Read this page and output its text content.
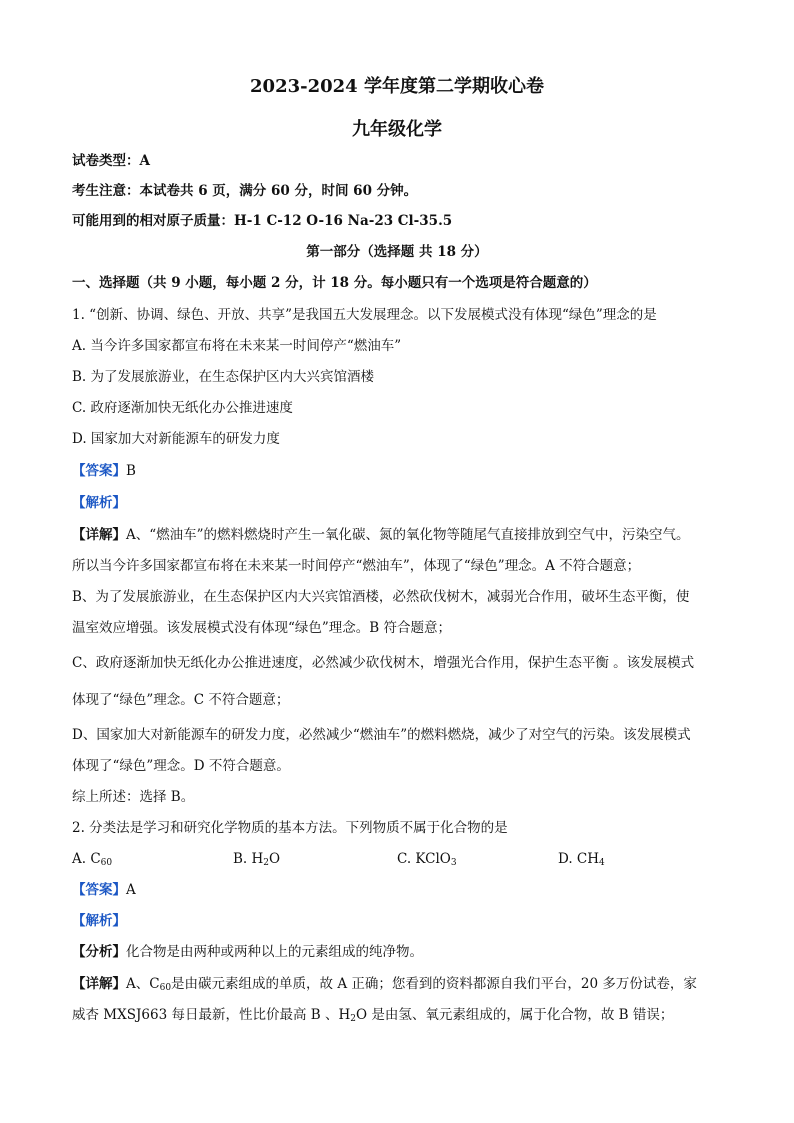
2023-2024 学年度第二学期收心卷
九年级化学
试卷类型：A
考生注意：本试卷共 6 页，满分 60 分，时间 60 分钟。
可能用到的相对原子质量：H-1 C-12 O-16 Na-23 Cl-35.5
第一部分（选择题 共 18 分）
一、选择题（共 9 小题，每小题 2 分，计 18 分。每小题只有一个选项是符合题意的）
1. “创新、协调、绿色、开放、共享”是我国五大发展理念。以下发展模式没有体现“绿色”理念的是
A. 当今许多国家都宣布将在未来某一时间停产“燃油车”
B. 为了发展旅游业，在生态保护区内大兴宾馆酒楼
C. 政府逐渐加快无纸化办公推进速度
D. 国家加大对新能源车的研发力度
【答案】B
【解析】
【详解】A、“燃油车”的燃料燃烧时产生一氧化碳、氮的氧化物等随尾气直接排放到空气中，污染空气。
所以当今许多国家都宣布将在未来某一时间停产“燃油车”，体现了“绿色”理念。A 不符合题意；
B、为了发展旅游业，在生态保护区内大兴宾馆酒楼，必然砍伐树木，减弱光合作用，破坏生态平衡，使
温室效应增强。该发展模式没有体现“绿色”理念。B 符合题意；
C、政府逐渐加快无纸化办公推进速度，必然减少砍伐树木，增强光合作用，保护生态平衡 。该发展模式
体现了“绿色”理念。C 不符合题意；
D、国家加大对新能源车的研发力度，必然减少“燃油车”的燃料燃烧，减少了对空气的污染。该发展模式
体现了“绿色”理念。D 不符合题意。
综上所述：选择 B。
2. 分类法是学习和研究化学物质的基本方法。下列物质不属于化合物的是
A. $C_{60}$	B. $H_2O$	C. KClO$_3$	D. $CH_4$
【答案】A
【解析】
【分析】化合物是由两种或两种以上的元素组成的纯净物。
【详解】A、$C_{60}$是由碳元素组成的单质，故 A 正确；您看到的资料都源自我们平台，20 多万份试卷，家
威杏 MXSJ663 每日最新，性比价最高 B 、$H_2O$ 是由氢、氧元素组成的，属于化合物，故 B 错误；
